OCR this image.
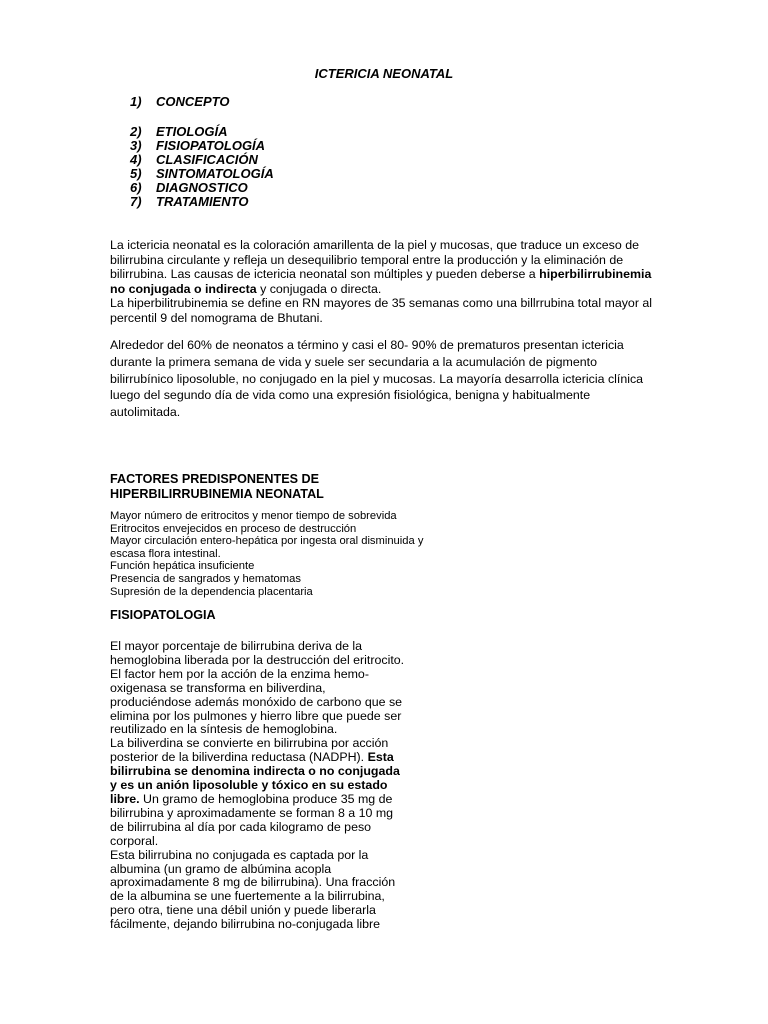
ICTERICIA NEONATAL
1) CONCEPTO
2) ETIOLOGÍA
3) FISIOPATOLOGÍA
4) CLASIFICACIÓN
5) SINTOMATOLOGÍA
6) DIAGNOSTICO
7) TRATAMIENTO

La ictericia neonatal es la coloración amarillenta de la piel y mucosas, que traduce un exceso de bilirrubina circulante y refleja un desequilibrio temporal entre la producción y la eliminación de bilirrubina. Las causas de ictericia neonatal son múltiples y pueden deberse a hiperbilirrubinemia no conjugada o indirecta y conjugada o directa.

La hiperbilitrubinemia se define en RN mayores de 35 semanas como una billrrubina total mayor al percentil 9 del nomograma de Bhutani.

Alrededor del 60% de neonatos a término y casi el 80- 90% de prematuros presentan ictericia durante la primera semana de vida y suele ser secundaria a la acumulación de pigmento bilirrubínico liposoluble, no conjugado en la piel y mucosas. La mayoría desarrolla ictericia clínica luego del segundo día de vida como una expresión fisiológica, benigna y habitualmente autolimitada.

FACTORES PREDISPONENTES DE HIPERBILIRRUBINEMIA NEONATAL
Mayor número de eritrocitos y menor tiempo de sobrevida
Eritrocitos envejecidos en proceso de destrucción
Mayor circulación entero-hepática por ingesta oral disminuida y escasa flora intestinal.
Función hepática insuficiente
Presencia de sangrados y hematomas
Supresión de la dependencia placentaria
FISIOPATOLOGIA

El mayor porcentaje de bilirrubina deriva de la hemoglobina liberada por la destrucción del eritrocito. El factor hem por la acción de la enzima hemo-oxigenasa se transforma en biliverdina, produciéndose además monóxido de carbono que se elimina por los pulmones y hierro libre que puede ser reutilizado en la síntesis de hemoglobina.

La biliverdina se convierte en bilirrubina por acción posterior de la biliverdina reductasa (NADPH). Esta bilirrubina se denomina indirecta o no conjugada y es un anión liposoluble y tóxico en su estado libre. Un gramo de hemoglobina produce 35 mg de bilirrubina y aproximadamente se forman 8 a 10 mg de bilirrubina al día por cada kilogramo de peso corporal.

Esta bilirrubina no conjugada es captada por la albumina (un gramo de albúmina acopla aproximadamente 8 mg de bilirrubina). Una fracción de la albumina se une fuertemente a la bilirrubina, pero otra, tiene una débil unión y puede liberarla fácilmente, dejando bilirrubina no-conjugada libre
